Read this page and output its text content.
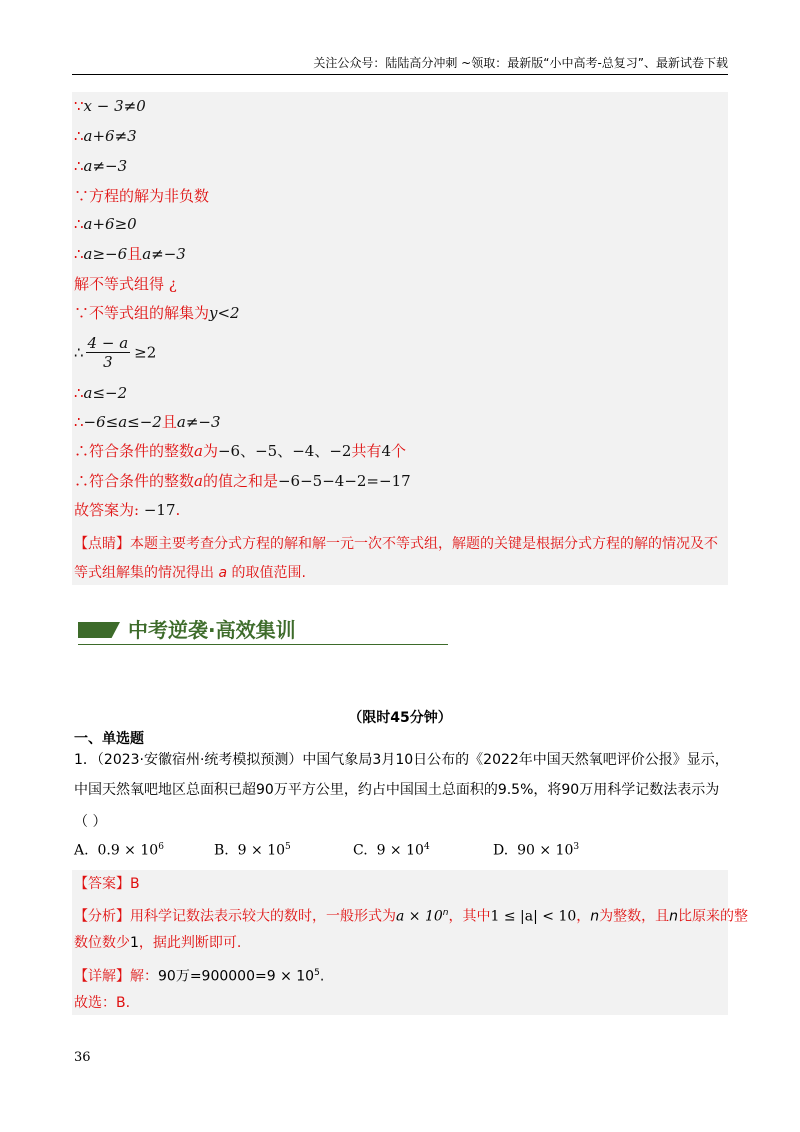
关注公众号：陆陆高分冲刺 ~领取：最新版“小中高考-总复习”、最新试卷下载
∵x − 3≠0
∴a+6≠3
∴a≠−3
∵方程的解为非负数
∴a+6≥0
∴a≥−6且a≠−3
解不等式组得 ¿
∵不等式组的解集为y<2
∴ $\frac{4 - a}{3} \ge 2$
∴a≤−2
∴−6≤a≤−2且a≠−3
∴符合条件的整数a为−6、−5、−4、−2共有4个
∴符合条件的整数a的值之和是−6−5−4−2=−17
故答案为: −17.
【点睛】本题主要考查分式方程的解和解一元一次不等式组，解题的关键是根据分式方程的解的情况及不
等式组解集的情况得出 a 的取值范围.
中考逆袭·高效集训
（限时45分钟）
一、单选题
1．（2023·安徽宿州·统考模拟预测）中国气象局3月10日公布的《2022年中国天然氧吧评价公报》显示，
中国天然氧吧地区总面积已超90万平方公里，约占中国国土总面积的9.5%，将90万用科学记数法表示为
（ ）
A. $0.9 \times 10^6$	B. $9 \times 10^5$	C. $9 \times 10^4$	D. $90 \times 10^3$
【答案】B
【分析】用科学记数法表示较大的数时，一般形式为$a \times 10^n$，其中1 ≤ |a| < 10，n为整数，且n比原来的整
数位数少1，据此判断即可.
【详解】解：90万$=900000=9 \times 10^5$.
故选：B.
36
